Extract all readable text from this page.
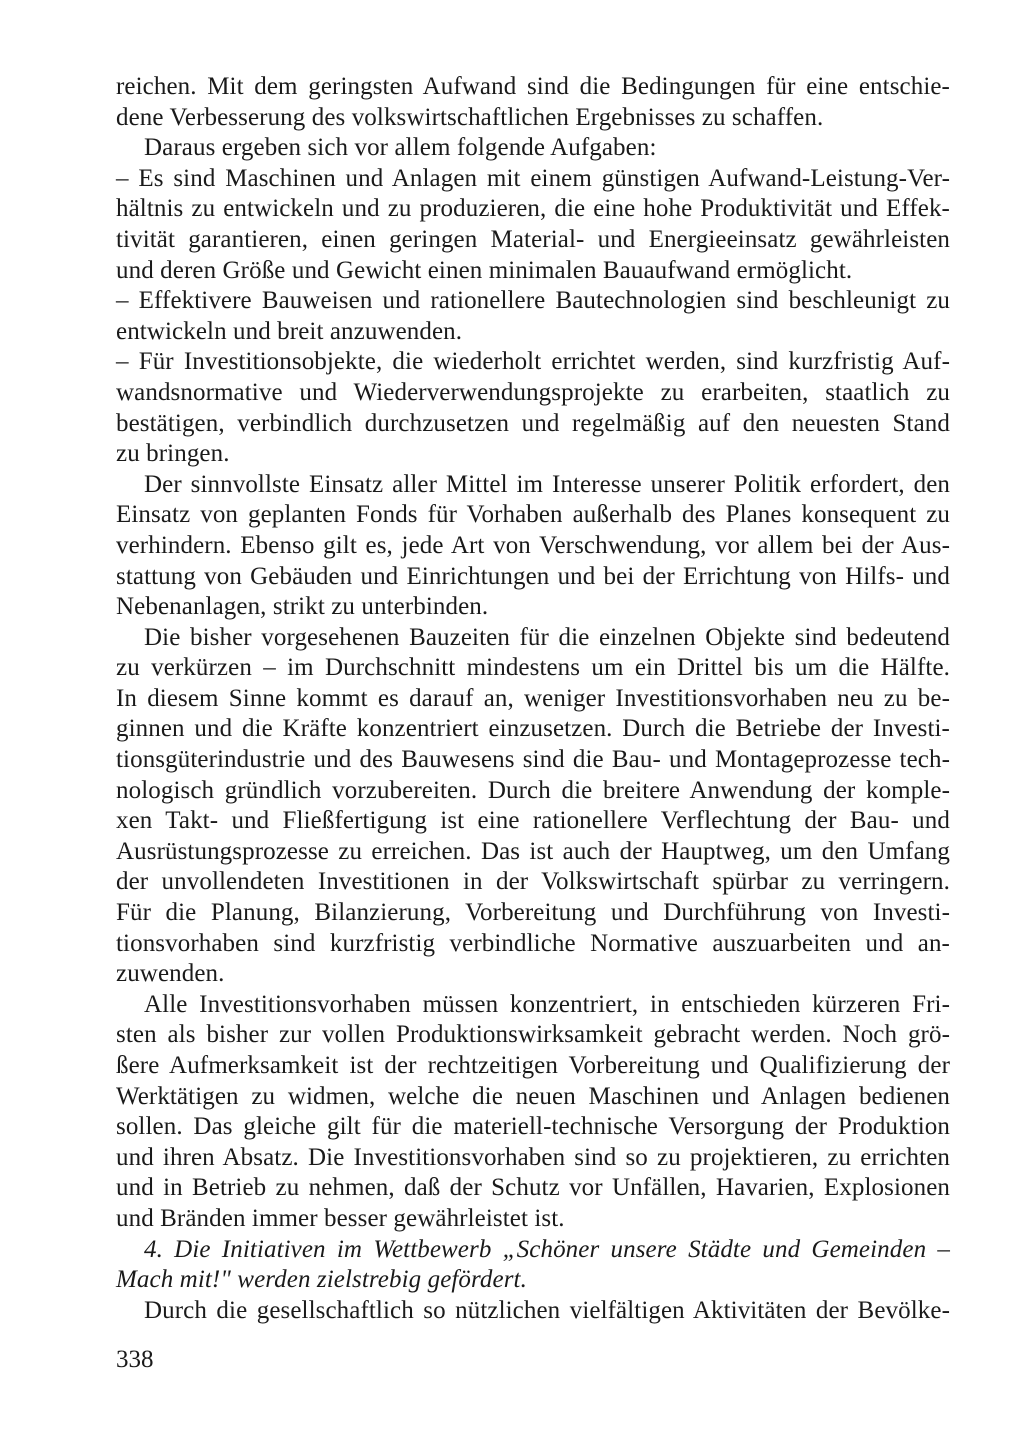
reichen. Mit dem geringsten Aufwand sind die Bedingungen für eine entschie-
dene Verbesserung des volkswirtschaftlichen Ergebnisses zu schaffen.
Daraus ergeben sich vor allem folgende Aufgaben:
– Es sind Maschinen und Anlagen mit einem günstigen Aufwand-Leistung-Ver-
hältnis zu entwickeln und zu produzieren, die eine hohe Produktivität und Effek-
tivität garantieren, einen geringen Material- und Energieeinsatz gewährleisten
und deren Größe und Gewicht einen minimalen Bauaufwand ermöglicht.
– Effektivere Bauweisen und rationellere Bautechnologien sind beschleunigt zu
entwickeln und breit anzuwenden.
– Für Investitionsobjekte, die wiederholt errichtet werden, sind kurzfristig Auf-
wandsnormative und Wiederverwendungsprojekte zu erarbeiten, staatlich zu
bestätigen, verbindlich durchzusetzen und regelmäßig auf den neuesten Stand
zu bringen.
Der sinnvollste Einsatz aller Mittel im Interesse unserer Politik erfordert, den
Einsatz von geplanten Fonds für Vorhaben außerhalb des Planes konsequent zu
verhindern. Ebenso gilt es, jede Art von Verschwendung, vor allem bei der Aus-
stattung von Gebäuden und Einrichtungen und bei der Errichtung von Hilfs- und
Nebenanlagen, strikt zu unterbinden.
Die bisher vorgesehenen Bauzeiten für die einzelnen Objekte sind bedeutend
zu verkürzen – im Durchschnitt mindestens um ein Drittel bis um die Hälfte.
In diesem Sinne kommt es darauf an, weniger Investitionsvorhaben neu zu be-
ginnen und die Kräfte konzentriert einzusetzen. Durch die Betriebe der Investi-
tionsgüterindustrie und des Bauwesens sind die Bau- und Montageprozesse tech-
nologisch gründlich vorzubereiten. Durch die breitere Anwendung der komple-
xen Takt- und Fließfertigung ist eine rationellere Verflechtung der Bau- und
Ausrüstungsprozesse zu erreichen. Das ist auch der Hauptweg, um den Umfang
der unvollendeten Investitionen in der Volkswirtschaft spürbar zu verringern.
Für die Planung, Bilanzierung, Vorbereitung und Durchführung von Investi-
tionsvorhaben sind kurzfristig verbindliche Normative auszuarbeiten und an-
zuwenden.
Alle Investitionsvorhaben müssen konzentriert, in entschieden kürzeren Fri-
sten als bisher zur vollen Produktionswirksamkeit gebracht werden. Noch grö-
ßere Aufmerksamkeit ist der rechtzeitigen Vorbereitung und Qualifizierung der
Werktätigen zu widmen, welche die neuen Maschinen und Anlagen bedienen
sollen. Das gleiche gilt für die materiell-technische Versorgung der Produktion
und ihren Absatz. Die Investitionsvorhaben sind so zu projektieren, zu errichten
und in Betrieb zu nehmen, daß der Schutz vor Unfällen, Havarien, Explosionen
und Bränden immer besser gewährleistet ist.
4. Die Initiativen im Wettbewerb „Schöner unsere Städte und Gemeinden –
Mach mit!" werden zielstrebig gefördert.
Durch die gesellschaftlich so nützlichen vielfältigen Aktivitäten der Bevölke-
338
